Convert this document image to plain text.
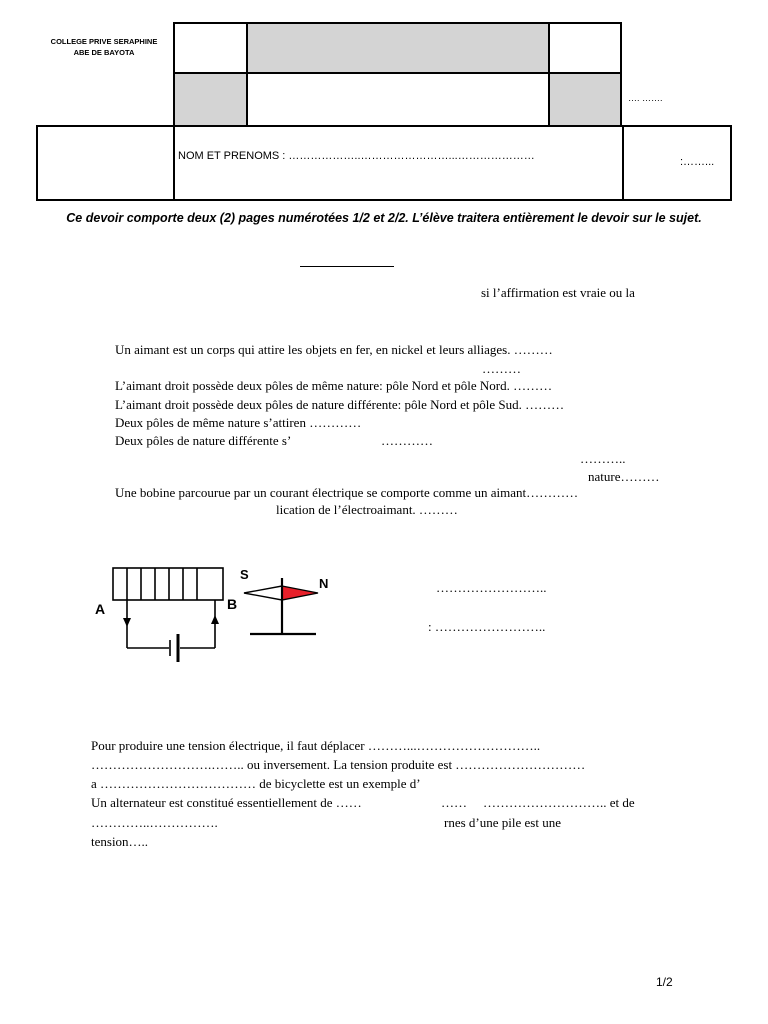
COLLEGE PRIVE SERAPHINE
ABE DE BAYOTA
…. …….
NOM ET PRENOMS : ………………..……………………...…………………	:……...
Ce devoir comporte deux (2) pages numérotées 1/2 et 2/2. L’élève traitera entièrement le devoir sur le sujet.
si l’affirmation est vraie ou la
Un aimant est un corps qui attire les objets en fer, en nickel et leurs alliages. ………
………
L’aimant droit possède deux pôles de même nature: pôle Nord et pôle Nord. ………
L’aimant droit possède deux pôles de nature différente: pôle Nord et pôle Sud. ………
Deux pôles de même nature s’attiren …………
Deux pôles de nature différente s’	…………
………..
nature………
Une bobine parcourue par un courant électrique se comporte comme un aimant…………
lication de l’électroaimant. ………
A	B
S
N	……………………..
: ……………………..
Pour produire une tension électrique, il faut déplacer ………...………………………..
……………………….…….. ou inversement. La tension produite est …………………………
a ……………………………… de bicyclette est un exemple d’
Un alternateur est constitué essentiellement de ……	…… ……………………….. et de
…………..…………….	rnes d’une pile est une
tension…..
1/2
